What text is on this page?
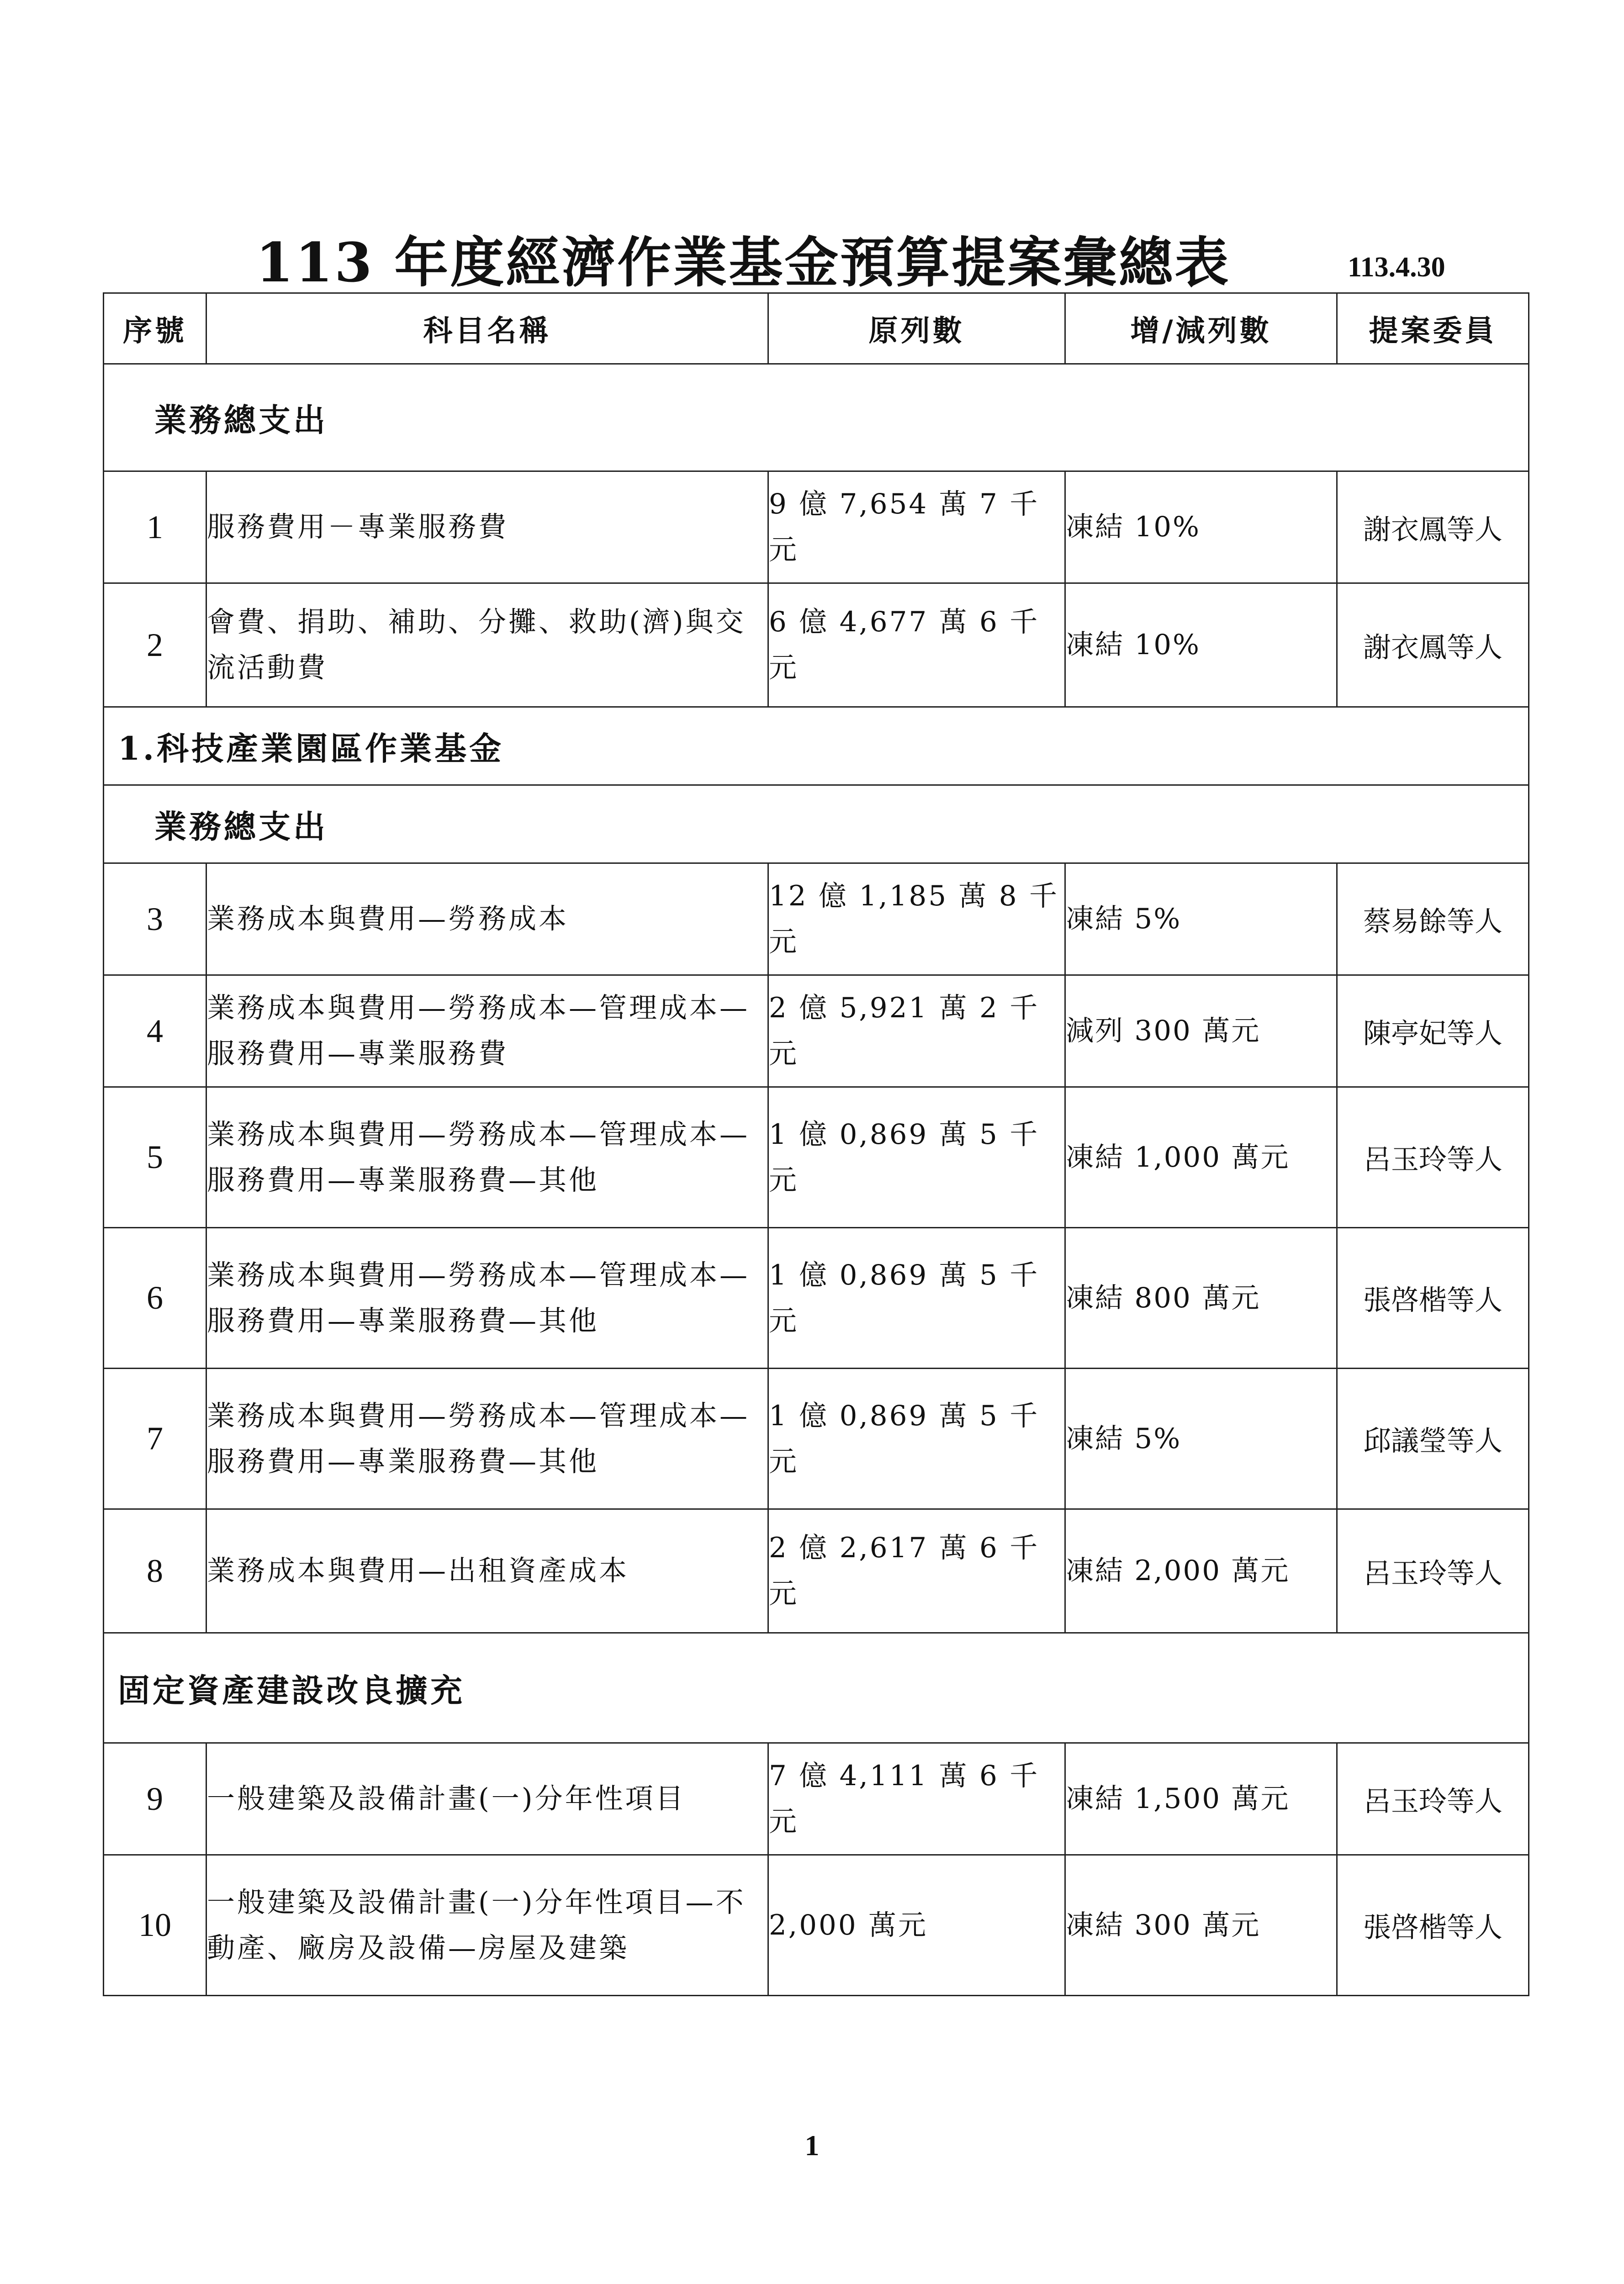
113 年度經濟作業基金預算提案彙總表	113.4.30
序號	科目名稱	原列數	增/減列數	提案委員
業務總支出				
1	服務費用－專業服務費	9 億 7,654 萬 7 千元	凍結 10%	謝衣鳳等人
2	會費、捐助、補助、分攤、救助(濟)與交流活動費	6 億 4,677 萬 6 千元	凍結 10%	謝衣鳳等人
1.科技產業園區作業基金				
業務總支出				
3	業務成本與費用—勞務成本	12 億 1,185 萬 8 千元	凍結 5%	蔡易餘等人
4	業務成本與費用—勞務成本—管理成本—服務費用—專業服務費	2 億 5,921 萬 2 千元	減列 300 萬元	陳亭妃等人
5	業務成本與費用—勞務成本—管理成本—服務費用—專業服務費—其他	1 億 0,869 萬 5 千元	凍結 1,000 萬元	呂玉玲等人
6	業務成本與費用—勞務成本—管理成本—服務費用—專業服務費—其他	1 億 0,869 萬 5 千元	凍結 800 萬元	張啓楷等人
7	業務成本與費用—勞務成本—管理成本—服務費用—專業服務費—其他	1 億 0,869 萬 5 千元	凍結 5%	邱議瑩等人
8	業務成本與費用—出租資產成本	2 億 2,617 萬 6 千元	凍結 2,000 萬元	呂玉玲等人
固定資產建設改良擴充				
9	一般建築及設備計畫(一)分年性項目	7 億 4,111 萬 6 千元	凍結 1,500 萬元	呂玉玲等人
10	一般建築及設備計畫(一)分年性項目—不動產、廠房及設備—房屋及建築	2,000 萬元	凍結 300 萬元	張啓楷等人
1
